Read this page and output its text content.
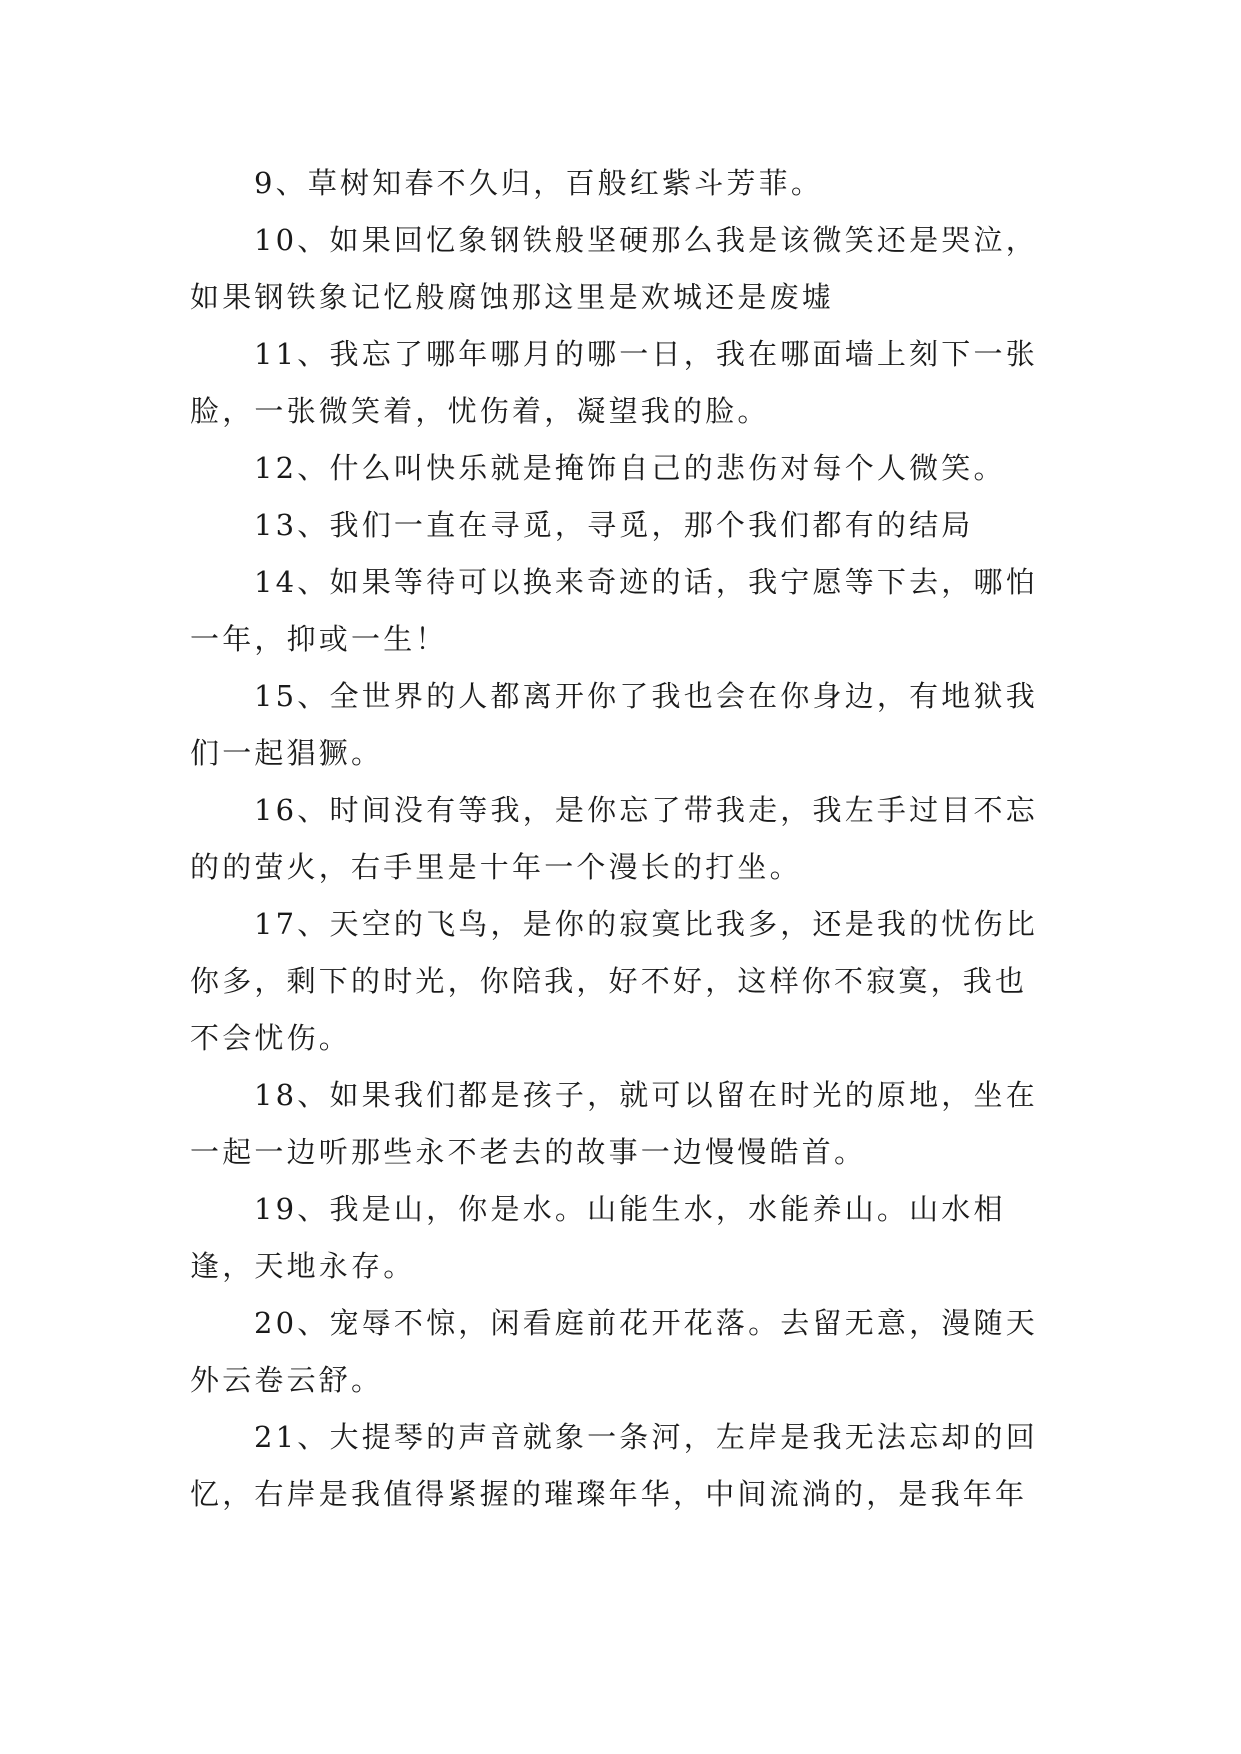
9、草树知春不久归，百般红紫斗芳菲。

10、如果回忆象钢铁般坚硬那么我是该微笑还是哭泣，如果钢铁象记忆般腐蚀那这里是欢城还是废墟

11、我忘了哪年哪月的哪一日，我在哪面墙上刻下一张脸，一张微笑着，忧伤着，凝望我的脸。

12、什么叫快乐就是掩饰自己的悲伤对每个人微笑。

13、我们一直在寻觅，寻觅，那个我们都有的结局

14、如果等待可以换来奇迹的话，我宁愿等下去，哪怕一年，抑或一生！

15、全世界的人都离开你了我也会在你身边，有地狱我们一起猖獗。

16、时间没有等我，是你忘了带我走，我左手过目不忘的的萤火，右手里是十年一个漫长的打坐。

17、天空的飞鸟，是你的寂寞比我多，还是我的忧伤比你多，剩下的时光，你陪我，好不好，这样你不寂寞，我也不会忧伤。

18、如果我们都是孩子，就可以留在时光的原地，坐在一起一边听那些永不老去的故事一边慢慢皓首。

19、我是山，你是水。山能生水，水能养山。山水相逢，天地永存。

20、宠辱不惊，闲看庭前花开花落。去留无意，漫随天外云卷云舒。

21、大提琴的声音就象一条河，左岸是我无法忘却的回忆，右岸是我值得紧握的璀璨年华，中间流淌的，是我年年
